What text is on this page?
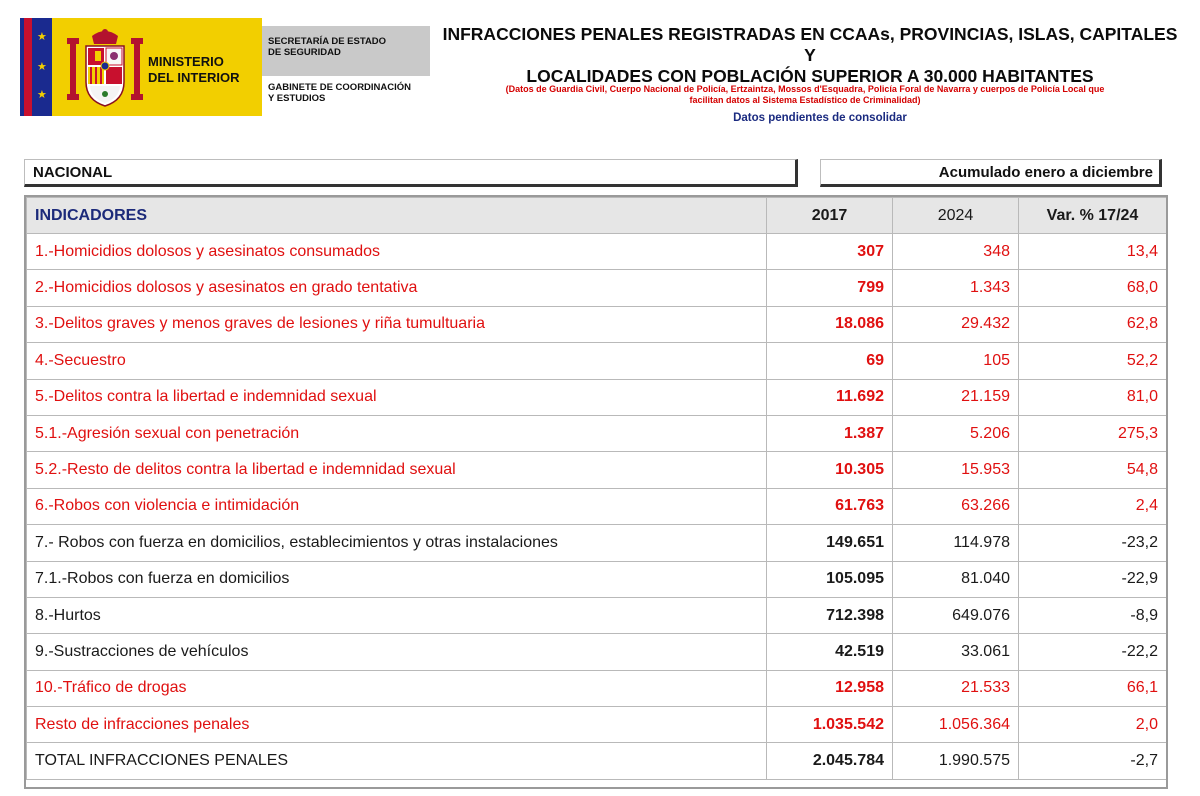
★
★
★
MINISTERIO
DEL INTERIOR
SECRETARÍA DE ESTADO
DE SEGURIDAD
GABINETE DE COORDINACIÓN
Y ESTUDIOS
INFRACCIONES PENALES REGISTRADAS EN CCAAs, PROVINCIAS, ISLAS, CAPITALES Y
LOCALIDADES CON POBLACIÓN SUPERIOR A 30.000 HABITANTES
(Datos de Guardia Civil, Cuerpo Nacional de Policía, Ertzaintza, Mossos d'Esquadra, Policía Foral de Navarra y cuerpos de Policía Local que
facilitan datos al Sistema Estadístico de Criminalidad)
Datos pendientes de consolidar
NACIONAL	Acumulado enero a diciembre
INDICADORES	2017	2024	Var. % 17/24
1.-Homicidios dolosos y asesinatos consumados	307	348	13,4
2.-Homicidios dolosos y asesinatos en grado tentativa	799	1.343	68,0
3.-Delitos graves y menos graves de lesiones y riña tumultuaria	18.086	29.432	62,8
4.-Secuestro	69	105	52,2
5.-Delitos contra la libertad e indemnidad sexual	11.692	21.159	81,0
5.1.-Agresión sexual con penetración	1.387	5.206	275,3
5.2.-Resto de delitos contra la libertad e indemnidad sexual	10.305	15.953	54,8
6.-Robos con violencia e intimidación	61.763	63.266	2,4
7.- Robos con fuerza en domicilios, establecimientos y otras instalaciones	149.651	114.978	-23,2
7.1.-Robos con fuerza en domicilios	105.095	81.040	-22,9
8.-Hurtos	712.398	649.076	-8,9
9.-Sustracciones de vehículos	42.519	33.061	-22,2
10.-Tráfico de drogas	12.958	21.533	66,1
Resto de infracciones penales	1.035.542	1.056.364	2,0
TOTAL INFRACCIONES PENALES	2.045.784	1.990.575	-2,7
